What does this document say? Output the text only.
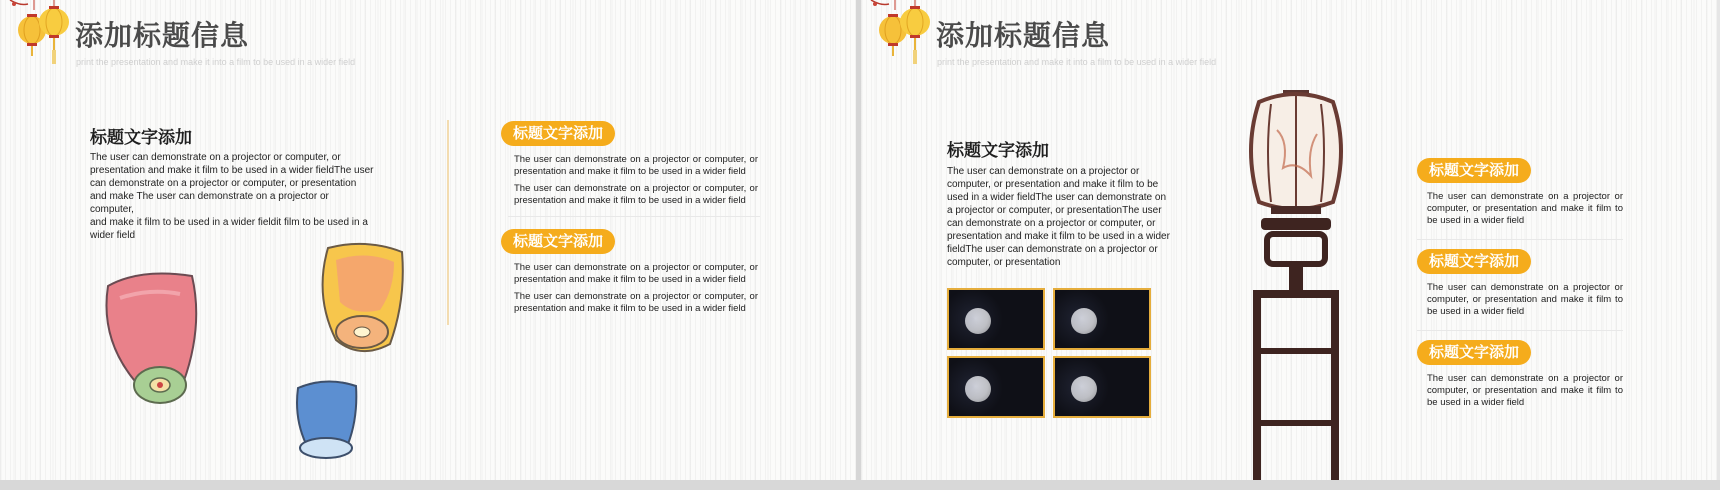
添加标题信息
print the presentation and make it into a film to be used in a wider field
标题文字添加

The user can demonstrate on a projector or computer, or presentation and make it film to be used in a wider fieldThe user can demonstrate on a projector or computer, or presentation and make The user can demonstrate on a projector or computer,
and make it film to be used in a wider fieldit film to be used in a wider field

标题文字添加

The user can demonstrate on a projector or computer, or presentation and make it film to be used in a wider field

The user can demonstrate on a projector or computer, or presentation and make it film to be used in a wider field

标题文字添加

The user can demonstrate on a projector or computer, or presentation and make it film to be used in a wider field

The user can demonstrate on a projector or computer, or presentation and make it film to be used in a wider field

添加标题信息
print the presentation and make it into a film to be used in a wider field
标题文字添加

The user can demonstrate on a projector or computer, or presentation and make it film to be used in a wider fieldThe user can demonstrate on a projector or computer, or presentationThe user can demonstrate on a projector or computer, or presentation and make it film to be used in a wider fieldThe user can demonstrate on a projector or computer, or presentation

标题文字添加

The user can demonstrate on a projector or computer, or presentation and make it film to be used in a wider field

标题文字添加

The user can demonstrate on a projector or computer, or presentation and make it film to be used in a wider field

标题文字添加

The user can demonstrate on a projector or computer, or presentation and make it film to be used in a wider field
